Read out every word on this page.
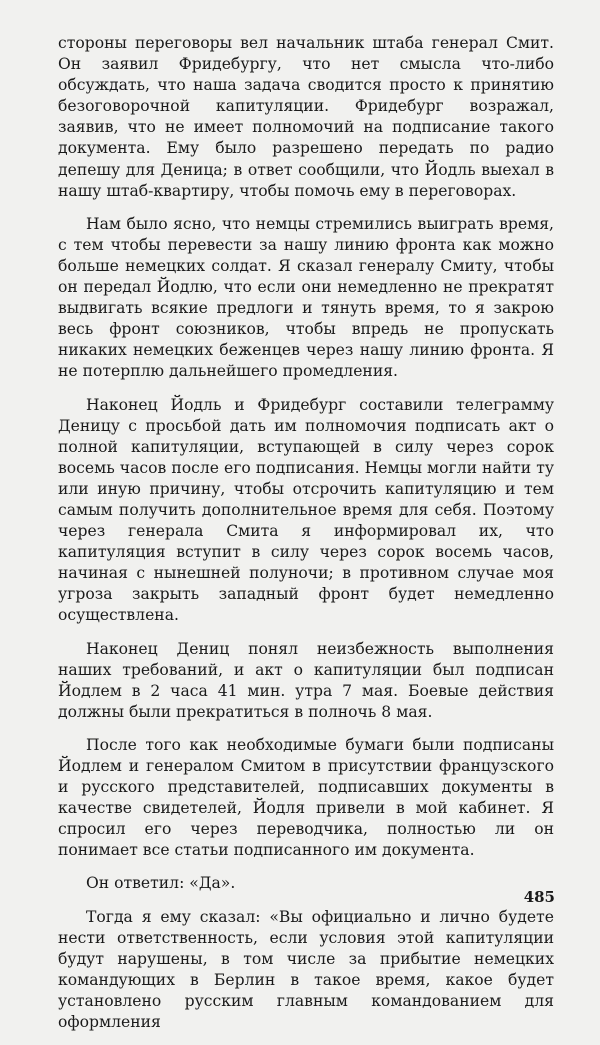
стороны переговоры вел начальник штаба генерал Смит. Он заявил Фридебургу, что нет смысла что-либо обсуждать, что наша задача сводится просто к принятию безоговорочной капитуляции. Фридебург возражал, заявив, что не имеет полномочий на подписание такого документа. Ему было разрешено передать по радио депешу для Деница; в ответ сообщили, что Йодль выехал в нашу штаб-квартиру, чтобы помочь ему в переговорах.

Нам было ясно, что немцы стремились выиграть время, с тем чтобы перевести за нашу линию фронта как можно больше немецких солдат. Я сказал генералу Смиту, чтобы он передал Йодлю, что если они немедленно не прекратят выдвигать всякие предлоги и тянуть время, то я закрою весь фронт союзников, чтобы впредь не пропускать никаких немецких беженцев через нашу линию фронта. Я не потерплю дальнейшего промедления.

Наконец Йодль и Фридебург составили телеграмму Деницу с просьбой дать им полномочия подписать акт о полной капитуляции, вступающей в силу через сорок восемь часов после его подписания. Немцы могли найти ту или иную причину, чтобы отсрочить капитуляцию и тем самым получить дополнительное время для себя. Поэтому через генерала Смита я информировал их, что капитуляция вступит в силу через сорок восемь часов, начиная с нынешней полуночи; в противном случае моя угроза закрыть западный фронт будет немедленно осуществлена.

Наконец Дениц понял неизбежность выполнения наших требований, и акт о капитуляции был подписан Йодлем в 2 часа 41 мин. утра 7 мая. Боевые действия должны были прекратиться в полночь 8 мая.

После того как необходимые бумаги были подписаны Йодлем и генералом Смитом в присутствии французского и русского представителей, подписавших документы в качестве свидетелей, Йодля привели в мой кабинет. Я спросил его через переводчика, полностью ли он понимает все статьи подписанного им документа.

Он ответил: «Да».

Тогда я ему сказал: «Вы официально и лично будете нести ответственность, если условия этой капитуляции будут нарушены, в том числе за прибытие немецких командующих в Берлин в такое время, какое будет установлено русским главным командованием для оформления

485
